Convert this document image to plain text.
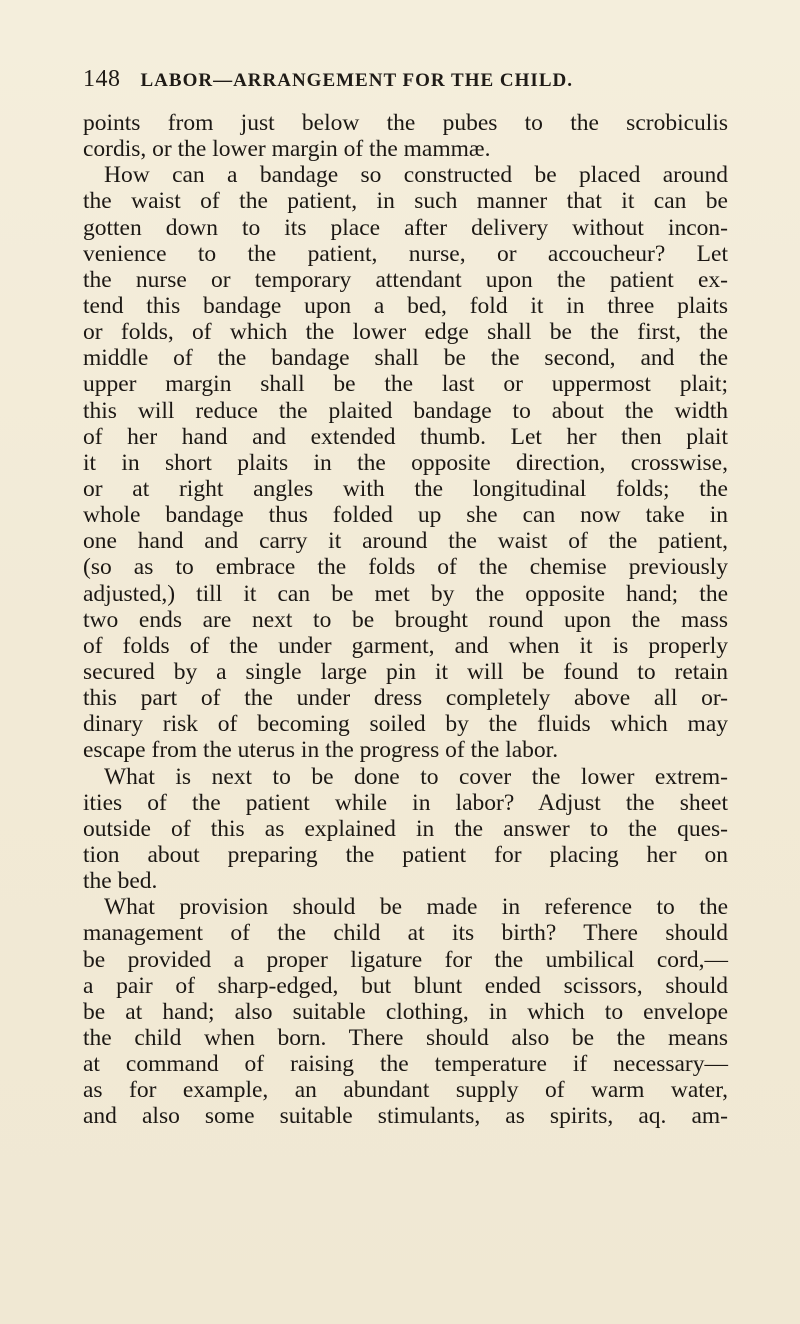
148 LABOR—ARRANGEMENT FOR THE CHILD.
points from just below the pubes to the scrobiculis
cordis, or the lower margin of the mammæ.
How can a bandage so constructed be placed around
the waist of the patient, in such manner that it can be
gotten down to its place after delivery without incon-
venience to the patient, nurse, or accoucheur? Let
the nurse or temporary attendant upon the patient ex-
tend this bandage upon a bed, fold it in three plaits
or folds, of which the lower edge shall be the first, the
middle of the bandage shall be the second, and the
upper margin shall be the last or uppermost plait;
this will reduce the plaited bandage to about the width
of her hand and extended thumb. Let her then plait
it in short plaits in the opposite direction, crosswise,
or at right angles with the longitudinal folds; the
whole bandage thus folded up she can now take in
one hand and carry it around the waist of the patient,
(so as to embrace the folds of the chemise previously
adjusted,) till it can be met by the opposite hand; the
two ends are next to be brought round upon the mass
of folds of the under garment, and when it is properly
secured by a single large pin it will be found to retain
this part of the under dress completely above all or-
dinary risk of becoming soiled by the fluids which may
escape from the uterus in the progress of the labor.
What is next to be done to cover the lower extrem-
ities of the patient while in labor? Adjust the sheet
outside of this as explained in the answer to the ques-
tion about preparing the patient for placing her on
the bed.
What provision should be made in reference to the
management of the child at its birth? There should
be provided a proper ligature for the umbilical cord,—
a pair of sharp-edged, but blunt ended scissors, should
be at hand; also suitable clothing, in which to envelope
the child when born. There should also be the means
at command of raising the temperature if necessary—
as for example, an abundant supply of warm water,
and also some suitable stimulants, as spirits, aq. am-
